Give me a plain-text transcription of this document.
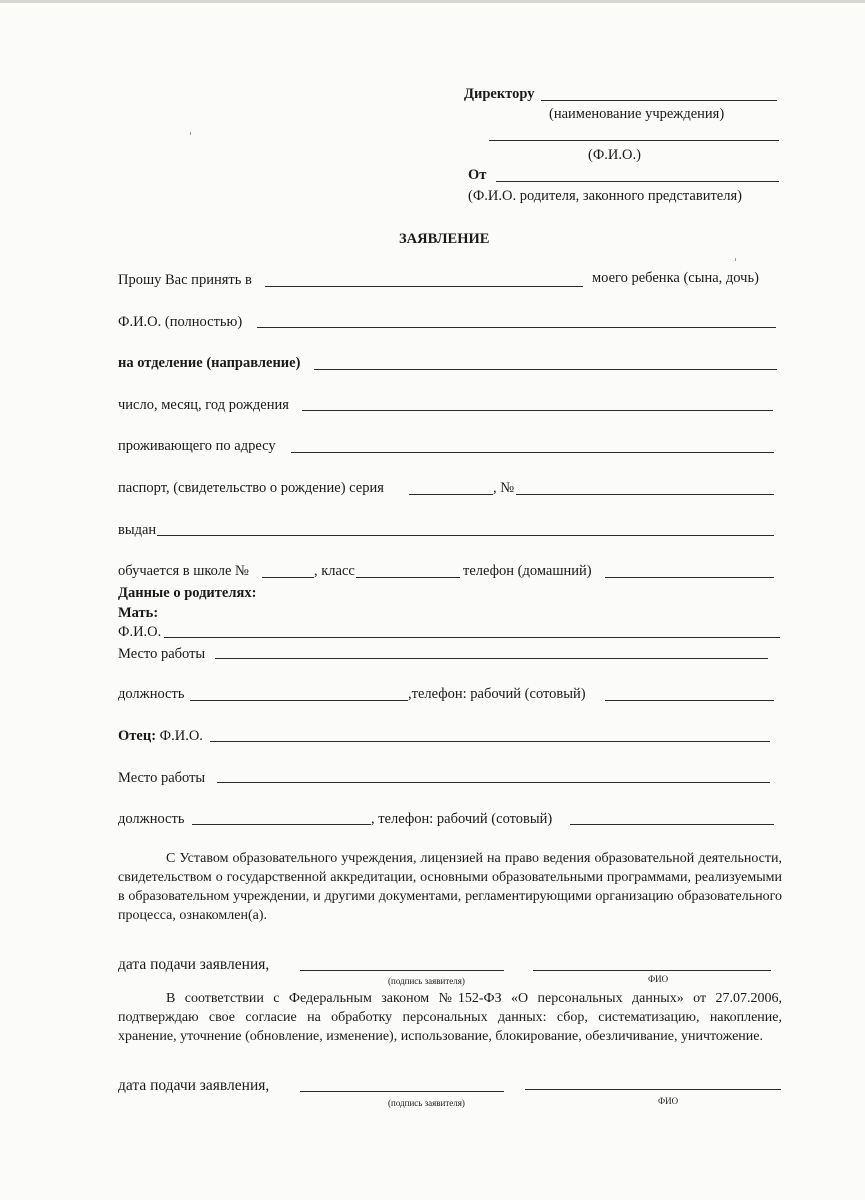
Директору
(наименование учреждения)
(Ф.И.О.)
От
(Ф.И.О. родителя, законного представителя)
ЗАЯВЛЕНИЕ
Прошу Вас принять в	моего ребенка (сына, дочь)
Ф.И.О. (полностью)
на отделение (направление)
число, месяц, год рождения
проживающего по адресу
паспорт, (свидетельство о рождение) серия	, №
выдан
обучается в школе №	, класс	телефон (домашний)
Данные о родителях:
Мать:
Ф.И.О.
Место работы
должность	,телефон: рабочий (сотовый)
Отец: Ф.И.О.
Место работы
должность	, телефон: рабочий (сотовый)
С Уставом образовательного учреждения, лицензией на право ведения образовательной деятельности, свидетельством о государственной аккредитации, основными образовательными программами, реализуемыми в образовательном учреждении, и другими документами, регламентирующими организацию образовательного процесса, ознакомлен(а).
дата подачи заявления,
(подпись заявителя)	ФИО
В соответствии с Федеральным законом №152-ФЗ «О персональных данных» от 27.07.2006, подтверждаю свое согласие на обработку персональных данных: сбор, систематизацию, накопление, хранение, уточнение (обновление, изменение), использование, блокирование, обезличивание, уничтожение.
дата подачи заявления,
(подпись заявителя)	ФИО
